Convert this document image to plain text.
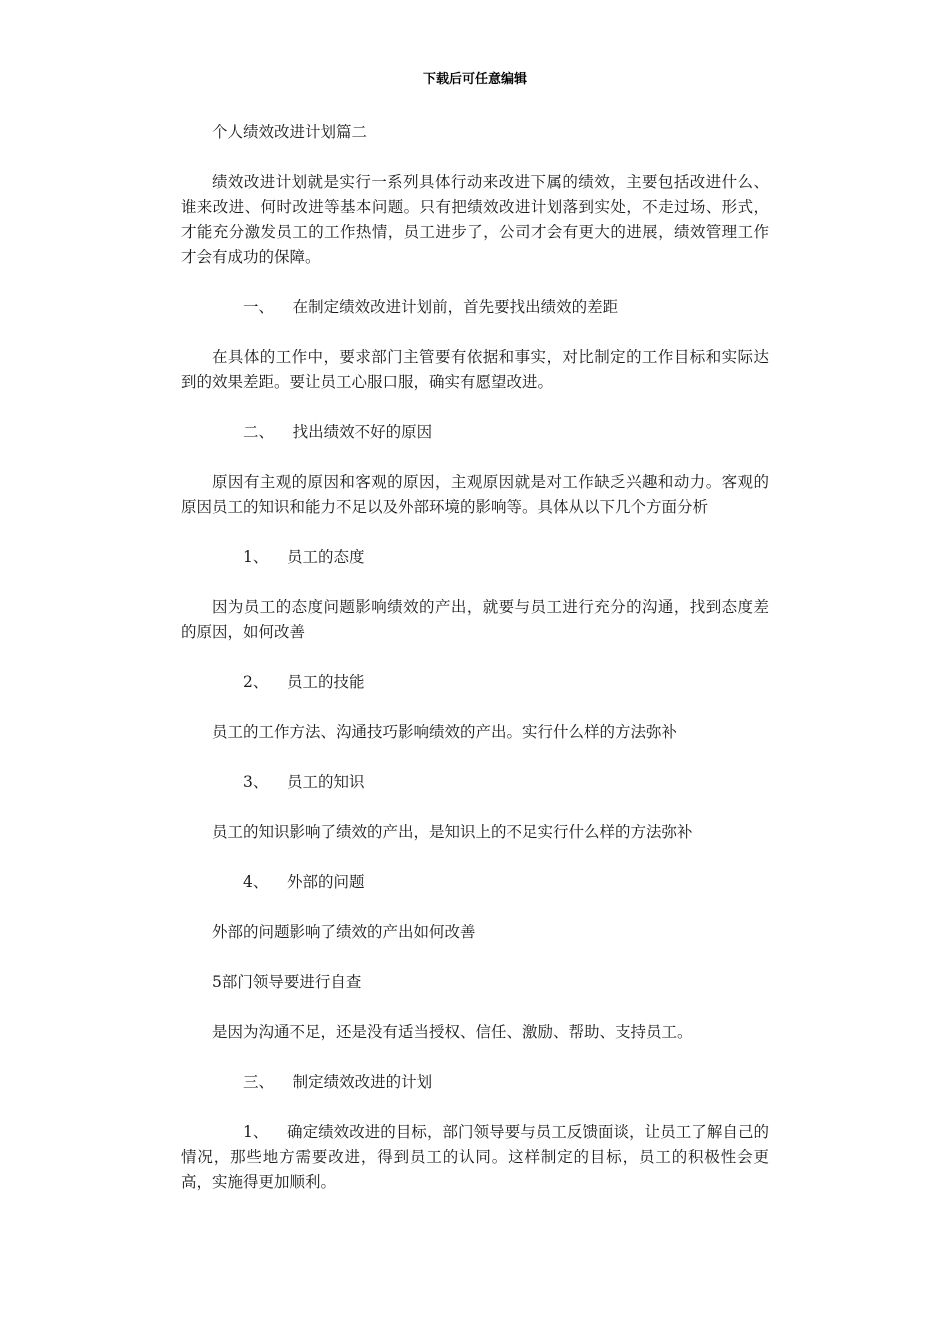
下载后可任意编辑

个人绩效改进计划篇二

绩效改进计划就是实行一系列具体行动来改进下属的绩效，主要包括改进什么、谁来改进、何时改进等基本问题。只有把绩效改进计划落到实处，不走过场、形式，才能充分激发员工的工作热情，员工进步了，公司才会有更大的进展，绩效管理工作才会有成功的保障。

一、 在制定绩效改进计划前，首先要找出绩效的差距

在具体的工作中，要求部门主管要有依据和事实，对比制定的工作目标和实际达到的效果差距。要让员工心服口服，确实有愿望改进。

二、 找出绩效不好的原因

原因有主观的原因和客观的原因，主观原因就是对工作缺乏兴趣和动力。客观的原因员工的知识和能力不足以及外部环境的影响等。具体从以下几个方面分析

1、 员工的态度

因为员工的态度问题影响绩效的产出，就要与员工进行充分的沟通，找到态度差的原因，如何改善

2、 员工的技能

员工的工作方法、沟通技巧影响绩效的产出。实行什么样的方法弥补

3、 员工的知识

员工的知识影响了绩效的产出，是知识上的不足实行什么样的方法弥补

4、 外部的问题

外部的问题影响了绩效的产出如何改善

5部门领导要进行自查

是因为沟通不足，还是没有适当授权、信任、激励、帮助、支持员工。

三、 制定绩效改进的计划

1、 确定绩效改进的目标，部门领导要与员工反馈面谈，让员工了解自己的情况，那些地方需要改进，得到员工的认同。这样制定的目标，员工的积极性会更高，实施得更加顺利。
